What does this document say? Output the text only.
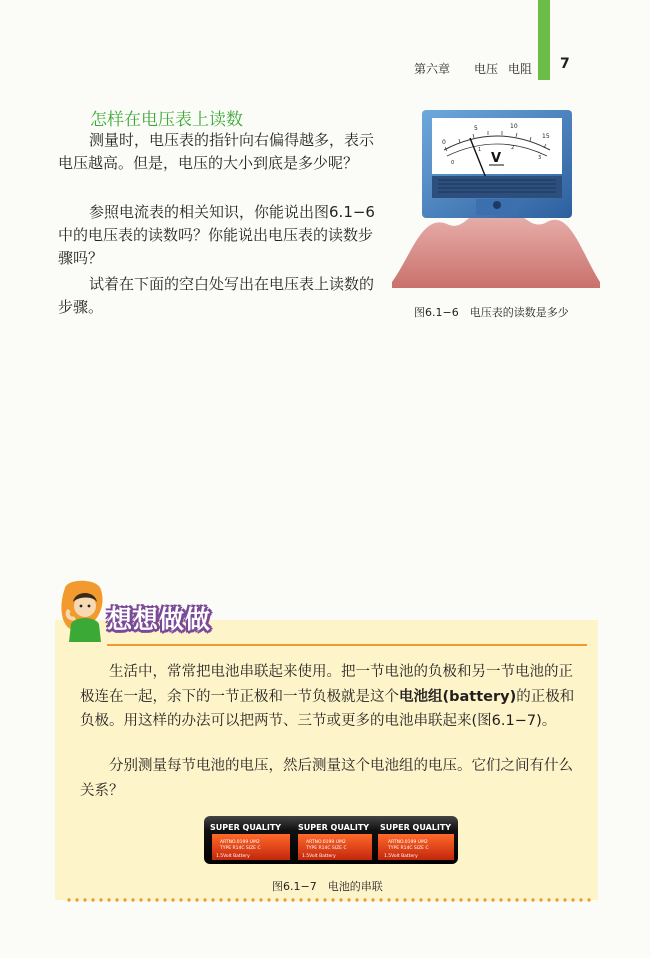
第六章 电压 电阻 7
怎样在电压表上读数

测量时，电压表的指针向右偏得越多，表示电压越高。但是，电压的大小到底是多少呢？

参照电流表的相关知识，你能说出图6.1−6中的电压表的读数吗？你能说出电压表的读数步骤吗？

试着在下面的空白处写出在电压表上读数的步骤。

0
5	10
15
0
1	2
3
V
图6.1−6　电压表的读数是多少
想想做做

生活中，常常把电池串联起来使用。把一节电池的负极和另一节电池的正极连在一起，余下的一节正极和一节负极就是这个电池组(battery)的正极和负极。用这样的办法可以把两节、三节或更多的电池串联起来(图6.1−7)。

分别测量每节电池的电压，然后测量这个电池组的电压。它们之间有什么关系？

SUPER QUALITY
ARTNO.0199 UM2
TYPE R14C SIZE C
1.5Volt Battery
SUPER QUALITY
ARTNO.0199 UM2
TYPE R14C SIZE C
1.5Volt Battery
SUPER QUALITY
ARTNO.0199 UM2
TYPE R14C SIZE C
1.5Volt Battery
图6.1−7　电池的串联
